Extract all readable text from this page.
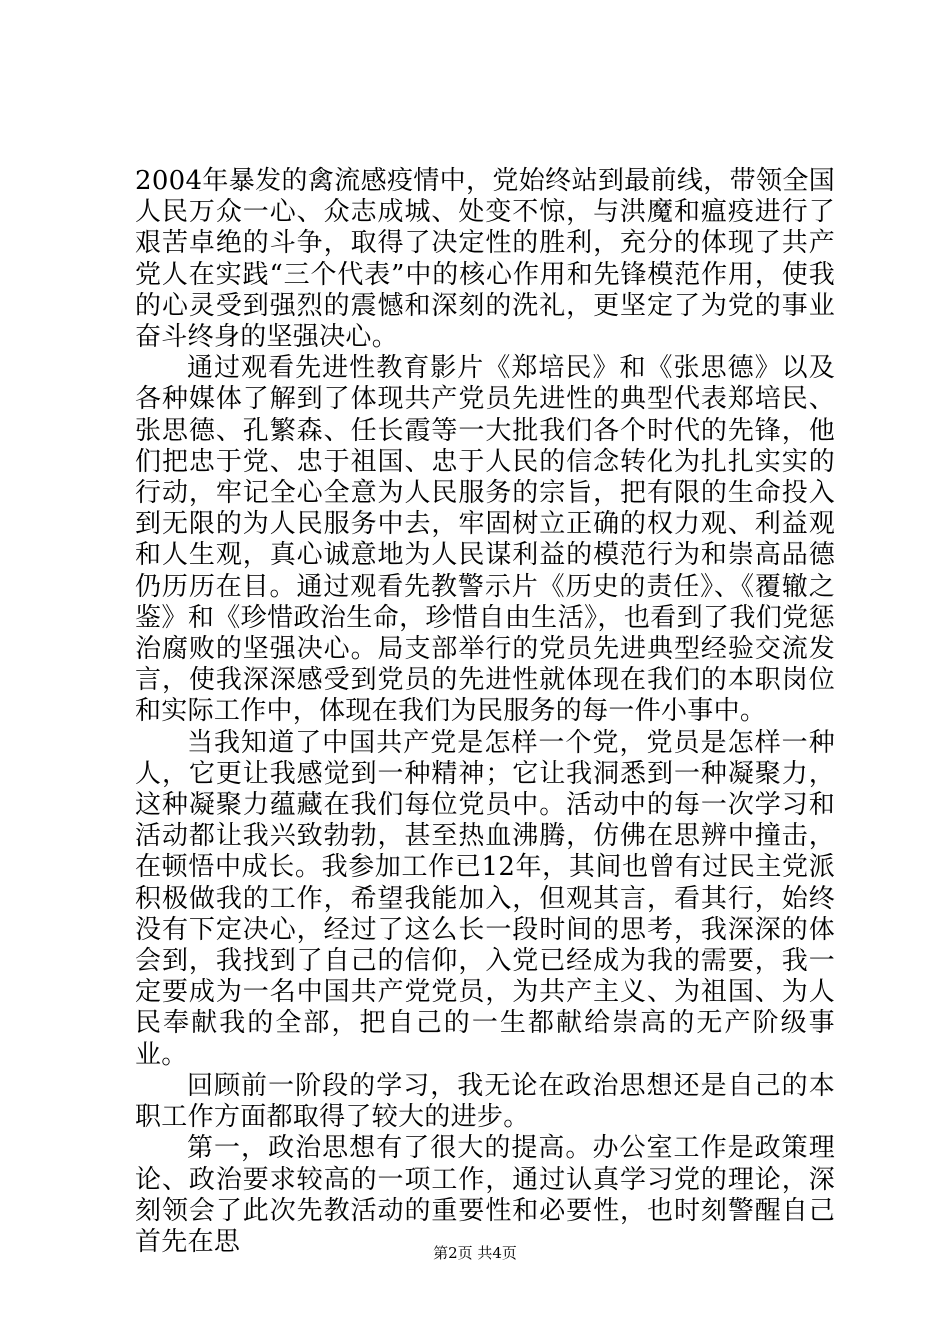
2004年暴发的禽流感疫情中，党始终站到最前线，带领全国人民万众一心、众志成城、处变不惊，与洪魔和瘟疫进行了艰苦卓绝的斗争，取得了决定性的胜利，充分的体现了共产党人在实践“三个代表”中的核心作用和先锋模范作用，使我的心灵受到强烈的震憾和深刻的洗礼，更坚定了为党的事业奋斗终身的坚强决心。

通过观看先进性教育影片《郑培民》和《张思德》以及各种媒体了解到了体现共产党员先进性的典型代表郑培民、张思德、孔繁森、任长霞等一大批我们各个时代的先锋，他们把忠于党、忠于祖国、忠于人民的信念转化为扎扎实实的行动，牢记全心全意为人民服务的宗旨，把有限的生命投入到无限的为人民服务中去，牢固树立正确的权力观、利益观和人生观，真心诚意地为人民谋利益的模范行为和崇高品德仍历历在目。通过观看先教警示片《历史的责任》、《覆辙之鉴》和《珍惜政治生命，珍惜自由生活》，也看到了我们党惩治腐败的坚强决心。局支部举行的党员先进典型经验交流发言，使我深深感受到党员的先进性就体现在我们的本职岗位和实际工作中，体现在我们为民服务的每一件小事中。

当我知道了中国共产党是怎样一个党，党员是怎样一种人，它更让我感觉到一种精神；它让我洞悉到一种凝聚力，这种凝聚力蕴藏在我们每位党员中。活动中的每一次学习和活动都让我兴致勃勃，甚至热血沸腾，仿佛在思辨中撞击，在顿悟中成长。我参加工作已12年，其间也曾有过民主党派积极做我的工作，希望我能加入，但观其言，看其行，始终没有下定决心，经过了这么长一段时间的思考，我深深的体会到，我找到了自己的信仰，入党已经成为我的需要，我一定要成为一名中国共产党党员，为共产主义、为祖国、为人民奉献我的全部，把自己的一生都献给崇高的无产阶级事业。

回顾前一阶段的学习，我无论在政治思想还是自己的本职工作方面都取得了较大的进步。

第一，政治思想有了很大的提高。办公室工作是政策理论、政治要求较高的一项工作，通过认真学习党的理论，深刻领会了此次先教活动的重要性和必要性，也时刻警醒自己首先在思	第2页 共4页
